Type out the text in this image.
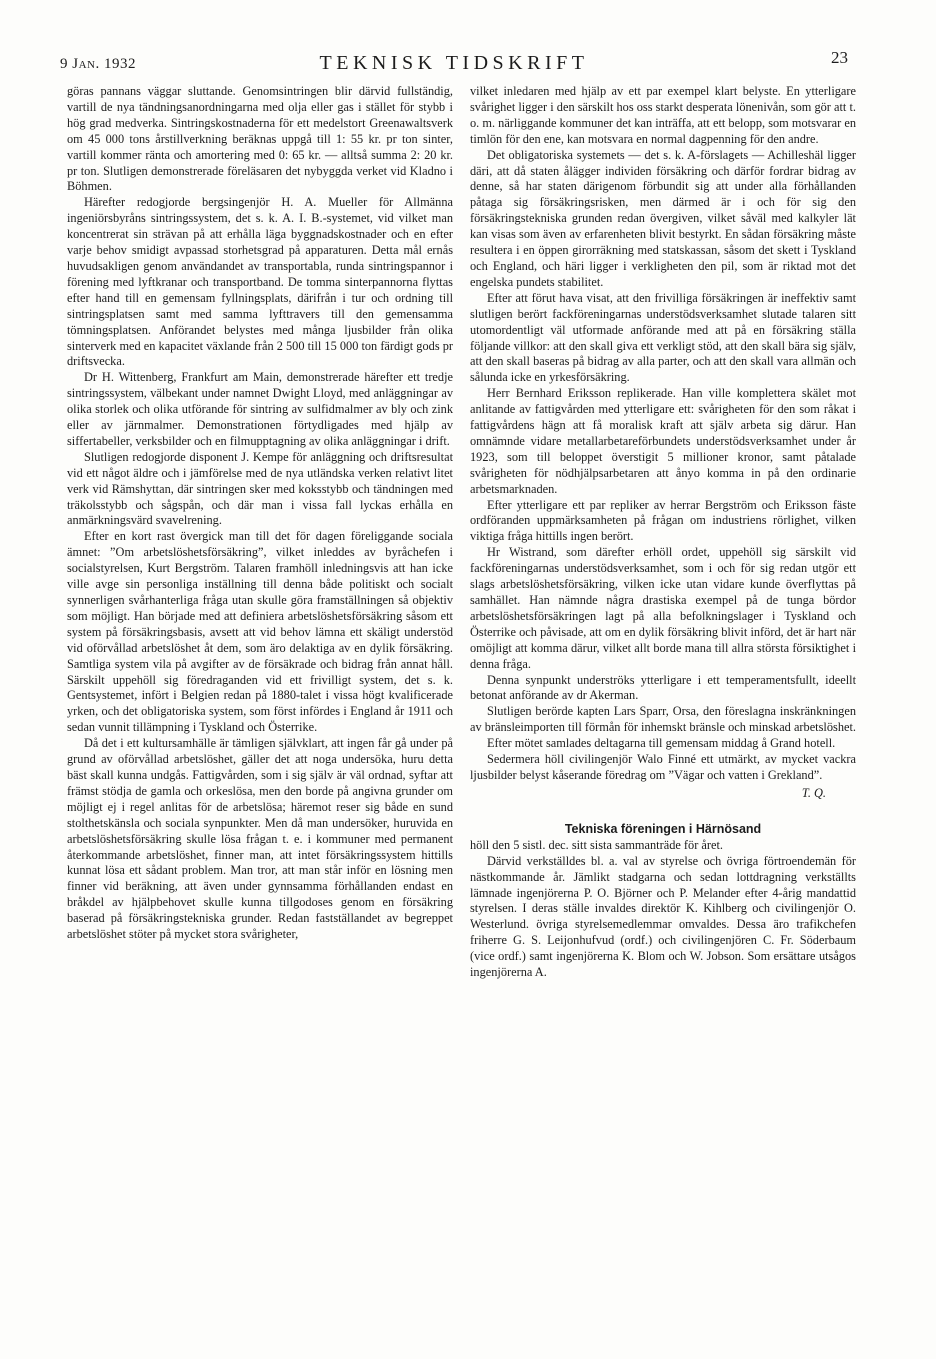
9 Jan. 1932	TEKNISK TIDSKRIFT	23

göras pannans väggar sluttande. Genomsintringen blir därvid fullständig, vartill de nya tändningsanordningarna med olja eller gas i stället för stybb i hög grad medverka. Sintringskostnaderna för ett medelstort Greenawaltsverk om 45 000 tons årstillverkning beräknas uppgå till 1: 55 kr. pr ton sinter, vartill kommer ränta och amortering med 0: 65 kr. — alltså summa 2: 20 kr. pr ton. Slutligen demonstrerade föreläsaren det nybyggda verket vid Kladno i Böhmen.

Härefter redogjorde bergsingenjör H. A. Mueller för Allmänna ingeniörsbyråns sintringssystem, det s. k. A. I. B.-systemet, vid vilket man koncentrerat sin strävan på att erhålla läga byggnadskostnader och en efter varje behov smidigt avpassad storhetsgrad på apparaturen. Detta mål ernås huvudsakligen genom användandet av transportabla, runda sintringspannor i förening med lyftkranar och transportband. De tomma sinterpannorna flyttas efter hand till en gemensam fyllningsplats, därifrån i tur och ordning till sintringsplatsen samt med samma lyfttravers till den gemensamma tömningsplatsen. Anförandet belystes med många ljusbilder från olika sinterverk med en kapacitet växlande från 2 500 till 15 000 ton färdigt gods pr driftsvecka.

Dr H. Wittenberg, Frankfurt am Main, demonstrerade härefter ett tredje sintringssystem, välbekant under namnet Dwight Lloyd, med anläggningar av olika storlek och olika utförande för sintring av sulfidmalmer av bly och zink eller av järnmalmer. Demonstrationen förtydligades med hjälp av siffertabeller, verksbilder och en filmupptagning av olika anläggningar i drift.

Slutligen redogjorde disponent J. Kempe för anläggning och driftsresultat vid ett något äldre och i jämförelse med de nya utländska verken relativt litet verk vid Rämshyttan, där sintringen sker med koksstybb och tändningen med träkolsstybb och sågspån, och där man i vissa fall lyckas erhålla en anmärkningsvärd svavelrening.

Efter en kort rast övergick man till det för dagen föreliggande sociala ämnet: ”Om arbetslöshetsförsäkring”, vilket inleddes av byråchefen i socialstyrelsen, Kurt Bergström. Talaren framhöll inledningsvis att han icke ville avge sin personliga inställning till denna både politiskt och socialt synnerligen svårhanterliga fråga utan skulle göra framställningen så objektiv som möjligt. Han började med att definiera arbetslöshetsförsäkring såsom ett system på försäkringsbasis, avsett att vid behov lämna ett skäligt understöd vid oförvållad arbetslöshet åt dem, som äro delaktiga av en dylik försäkring. Samtliga system vila på avgifter av de försäkrade och bidrag från annat håll. Särskilt uppehöll sig föredraganden vid ett frivilligt system, det s. k. Gentsystemet, infört i Belgien redan på 1880-talet i vissa högt kvalificerade yrken, och det obligatoriska system, som först infördes i England år 1911 och sedan vunnit tillämpning i Tyskland och Österrike.

Då det i ett kultursamhälle är tämligen självklart, att ingen får gå under på grund av oförvållad arbetslöshet, gäller det att noga undersöka, huru detta bäst skall kunna undgås. Fattigvården, som i sig själv är väl ordnad, syftar att främst stödja de gamla och orkeslösa, men den borde på angivna grunder om möjligt ej i regel anlitas för de arbetslösa; häremot reser sig både en sund stolthetskänsla och sociala synpunkter. Men då man undersöker, huruvida en arbetslöshetsförsäkring skulle lösa frågan t. e. i kommuner med permanent återkommande arbetslöshet, finner man, att intet försäkringssystem hittills kunnat lösa ett sådant problem. Man tror, att man står inför en lösning men finner vid beräkning, att även under gynnsamma förhållanden endast en bråkdel av hjälpbehovet skulle kunna tillgodoses genom en försäkring baserad på försäkringstekniska grunder. Redan fastställandet av begreppet arbetslöshet stöter på mycket stora svårigheter,

vilket inledaren med hjälp av ett par exempel klart belyste. En ytterligare svårighet ligger i den särskilt hos oss starkt desperata lönenivån, som gör att t. o. m. närliggande kommuner det kan inträffa, att ett belopp, som motsvarar en timlön för den ene, kan motsvara en normal dagpenning för den andre.

Det obligatoriska systemets — det s. k. A-förslagets — Achilleshäl ligger däri, att då staten ålägger individen försäkring och därför fordrar bidrag av denne, så har staten därigenom förbundit sig att under alla förhållanden påtaga sig försäkringsrisken, men därmed är i och för sig den försäkringstekniska grunden redan övergiven, vilket såväl med kalkyler lät kan visas som även av erfarenheten blivit bestyrkt. En sådan försäkring måste resultera i en öppen girorräkning med statskassan, såsom det skett i Tyskland och England, och häri ligger i verkligheten den pil, som är riktad mot det engelska pundets stabilitet.

Efter att förut hava visat, att den frivilliga försäkringen är ineffektiv samt slutligen berört fackföreningarnas understödsverksamhet slutade talaren sitt utomordentligt väl utformade anförande med att på en försäkring ställa följande villkor: att den skall giva ett verkligt stöd, att den skall bära sig själv, att den skall baseras på bidrag av alla parter, och att den skall vara allmän och sålunda icke en yrkesförsäkring.

Herr Bernhard Eriksson replikerade. Han ville komplettera skälet mot anlitande av fattigvården med ytterligare ett: svårigheten för den som råkat i fattigvårdens hägn att få moralisk kraft att själv arbeta sig därur. Han omnämnde vidare metallarbetareförbundets understödsverksamhet under år 1923, som till beloppet överstigit 5 millioner kronor, samt påtalade svårigheten för nödhjälpsarbetaren att ånyo komma in på den ordinarie arbetsmarknaden.

Efter ytterligare ett par repliker av herrar Bergström och Eriksson fäste ordföranden uppmärksamheten på frågan om industriens rörlighet, vilken viktiga fråga hittills ingen berört.

Hr Wistrand, som därefter erhöll ordet, uppehöll sig särskilt vid fackföreningarnas understödsverksamhet, som i och för sig redan utgör ett slags arbetslöshetsförsäkring, vilken icke utan vidare kunde överflyttas på samhället. Han nämnde några drastiska exempel på de tunga bördor arbetslöshetsförsäkringen lagt på alla befolkningslager i Tyskland och Österrike och påvisade, att om en dylik försäkring blivit införd, det är hart när omöjligt att komma därur, vilket allt borde mana till allra största försiktighet i denna fråga.

Denna synpunkt underströks ytterligare i ett temperamentsfullt, ideellt betonat anförande av dr Akerman.

Slutligen berörde kapten Lars Sparr, Orsa, den föreslagna inskränkningen av bränsleimporten till förmån för inhemskt bränsle och minskad arbetslöshet.

Efter mötet samlades deltagarna till gemensam middag å Grand hotell.

Sedermera höll civilingenjör Walo Finné ett utmärkt, av mycket vackra ljusbilder belyst kåserande föredrag om ”Vägar och vatten i Grekland”.

T. Q.

Tekniska föreningen i Härnösand

höll den 5 sistl. dec. sitt sista sammanträde för året.

Därvid verkställdes bl. a. val av styrelse och övriga förtroendemän för nästkommande år. Jämlikt stadgarna och sedan lottdragning verkställts lämnade ingenjörerna P. O. Björner och P. Melander efter 4-årig mandattid styrelsen. I deras ställe invaldes direktör K. Kihlberg och civilingenjör O. Westerlund. övriga styrelsemedlemmar omvaldes. Dessa äro trafikchefen friherre G. S. Leijonhufvud (ordf.) och civilingenjören C. Fr. Söderbaum (vice ordf.) samt ingenjörerna K. Blom och W. Jobson. Som ersättare utsågos ingenjörerna A.
